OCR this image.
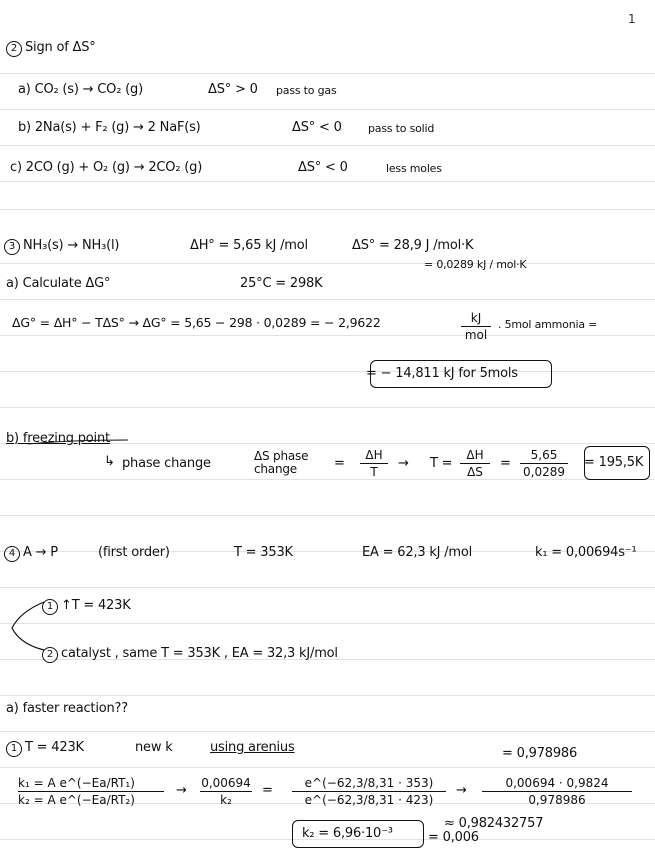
1
2 Sign of ΔS°
a) CO₂ (s) → CO₂ (g)	ΔS° > 0 pass to gas
b) 2Na(s) + F₂ (g) → 2 NaF(s)	ΔS° < 0 pass to solid
c) 2CO (g) + O₂ (g) → 2CO₂ (g)	ΔS° < 0	less moles
3 NH₃(s) → NH₃(l)	ΔH° = 5,65 kJ /mol	ΔS° = 28,9 J /mol·K
= 0,0289 kJ / mol·K
a) Calculate ΔG°	25°C = 298K
ΔG° = ΔH° − TΔS° → ΔG° = 5,65 − 298 · 0,0289 = − 2,9622	kJ
mol
. 5mol ammonia =
= − 14,811 kJ for 5mols
b) freezing point
↳ phase change	ΔS phase change	=
ΔH
T
→ T =
ΔH
ΔS
=
5,65
0,0289
= 195,5K
4 A → P	(first order)	T = 353K	EA = 62,3 kJ /mol	k₁ = 0,00694s⁻¹
1 ↑T = 423K
2 catalyst , same T = 353K , EA = 32,3 kJ/mol
a) faster reaction??
1 T = 423K	new k	using arenius	= 0,978986
k₁ = A e^(−Ea/RT₁)
k₂ = A e^(−Ea/RT₂)
→ 0,00694
k₂
=	e^(−62,3/8,31 · 353)
e^(−62,3/8,31 · 423)
→	0,00694 · 0,9824
0,978986
≈ 0,982432757
k₂ = 6,96·10⁻³	= 0,006
